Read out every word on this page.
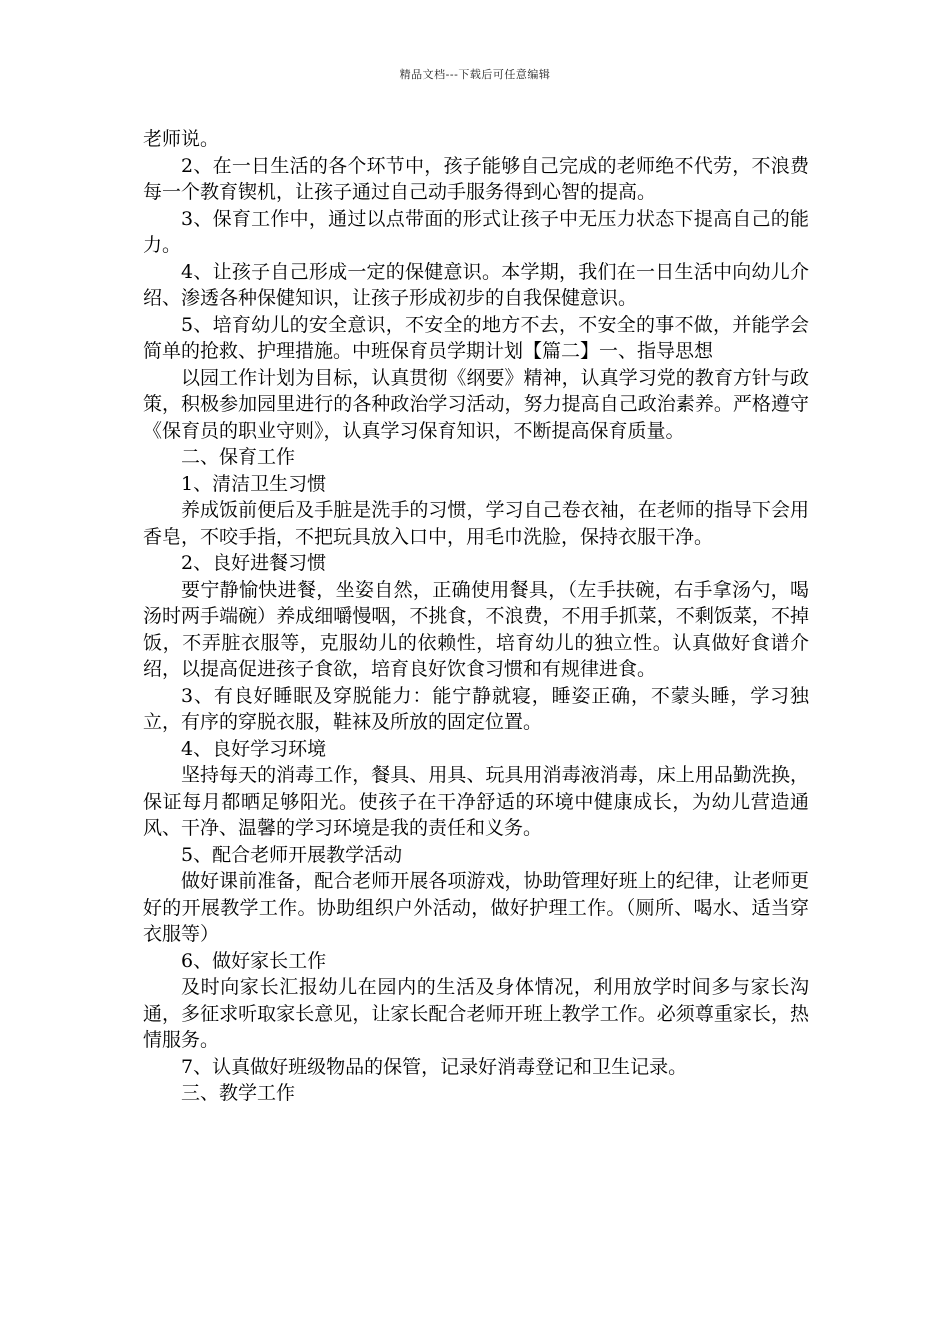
精品文档---下载后可任意编辑

老师说。

2、在一日生活的各个环节中，孩子能够自己完成的老师绝不代劳，不浪费每一个教育锲机，让孩子通过自己动手服务得到心智的提高。

3、保育工作中，通过以点带面的形式让孩子中无压力状态下提高自己的能力。

4、让孩子自己形成一定的保健意识。本学期，我们在一日生活中向幼儿介绍、渗透各种保健知识，让孩子形成初步的自我保健意识。

5、培育幼儿的安全意识，不安全的地方不去，不安全的事不做，并能学会简单的抢救、护理措施。中班保育员学期计划【篇二】一、指导思想

以园工作计划为目标，认真贯彻《纲要》精神，认真学习党的教育方针与政策，积极参加园里进行的各种政治学习活动，努力提高自己政治素养。严格遵守《保育员的职业守则》，认真学习保育知识，不断提高保育质量。

二、保育工作

1、清洁卫生习惯

养成饭前便后及手脏是洗手的习惯，学习自己卷衣袖，在老师的指导下会用香皂，不咬手指，不把玩具放入口中，用毛巾洗脸，保持衣服干净。

2、良好进餐习惯

要宁静愉快进餐，坐姿自然，正确使用餐具，（左手扶碗，右手拿汤勺，喝汤时两手端碗）养成细嚼慢咽，不挑食，不浪费，不用手抓菜，不剩饭菜，不掉饭，不弄脏衣服等，克服幼儿的依赖性，培育幼儿的独立性。认真做好食谱介绍，以提高促进孩子食欲，培育良好饮食习惯和有规律进食。

3、有良好睡眠及穿脱能力：能宁静就寝，睡姿正确，不蒙头睡，学习独立，有序的穿脱衣服，鞋袜及所放的固定位置。

4、良好学习环境

坚持每天的消毒工作，餐具、用具、玩具用消毒液消毒，床上用品勤洗换，保证每月都晒足够阳光。使孩子在干净舒适的环境中健康成长，为幼儿营造通风、干净、温馨的学习环境是我的责任和义务。

5、配合老师开展教学活动

做好课前准备，配合老师开展各项游戏，协助管理好班上的纪律，让老师更好的开展教学工作。协助组织户外活动，做好护理工作。（厕所、喝水、适当穿衣服等）

6、做好家长工作

及时向家长汇报幼儿在园内的生活及身体情况，利用放学时间多与家长沟通，多征求听取家长意见，让家长配合老师开班上教学工作。必须尊重家长，热情服务。

7、认真做好班级物品的保管，记录好消毒登记和卫生记录。

三、教学工作
